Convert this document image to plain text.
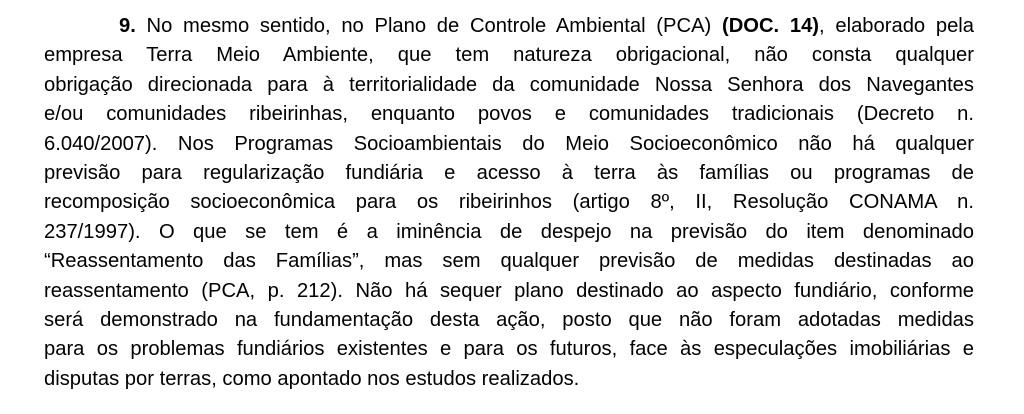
9. No mesmo sentido, no Plano de Controle Ambiental (PCA) (DOC. 14), elaborado pela
empresa Terra Meio Ambiente, que tem natureza obrigacional, não consta qualquer
obrigação direcionada para à territorialidade da comunidade Nossa Senhora dos Navegantes
e/ou comunidades ribeirinhas, enquanto povos e comunidades tradicionais (Decreto n.
6.040/2007). Nos Programas Socioambientais do Meio Socioeconômico não há qualquer
previsão para regularização fundiária e acesso à terra às famílias ou programas de
recomposição socioeconômica para os ribeirinhos (artigo 8º, II, Resolução CONAMA n.
237/1997). O que se tem é a iminência de despejo na previsão do item denominado
“Reassentamento das Famílias”, mas sem qualquer previsão de medidas destinadas ao
reassentamento (PCA, p. 212). Não há sequer plano destinado ao aspecto fundiário, conforme
será demonstrado na fundamentação desta ação, posto que não foram adotadas medidas
para os problemas fundiários existentes e para os futuros, face às especulações imobiliárias e
disputas por terras, como apontado nos estudos realizados.
